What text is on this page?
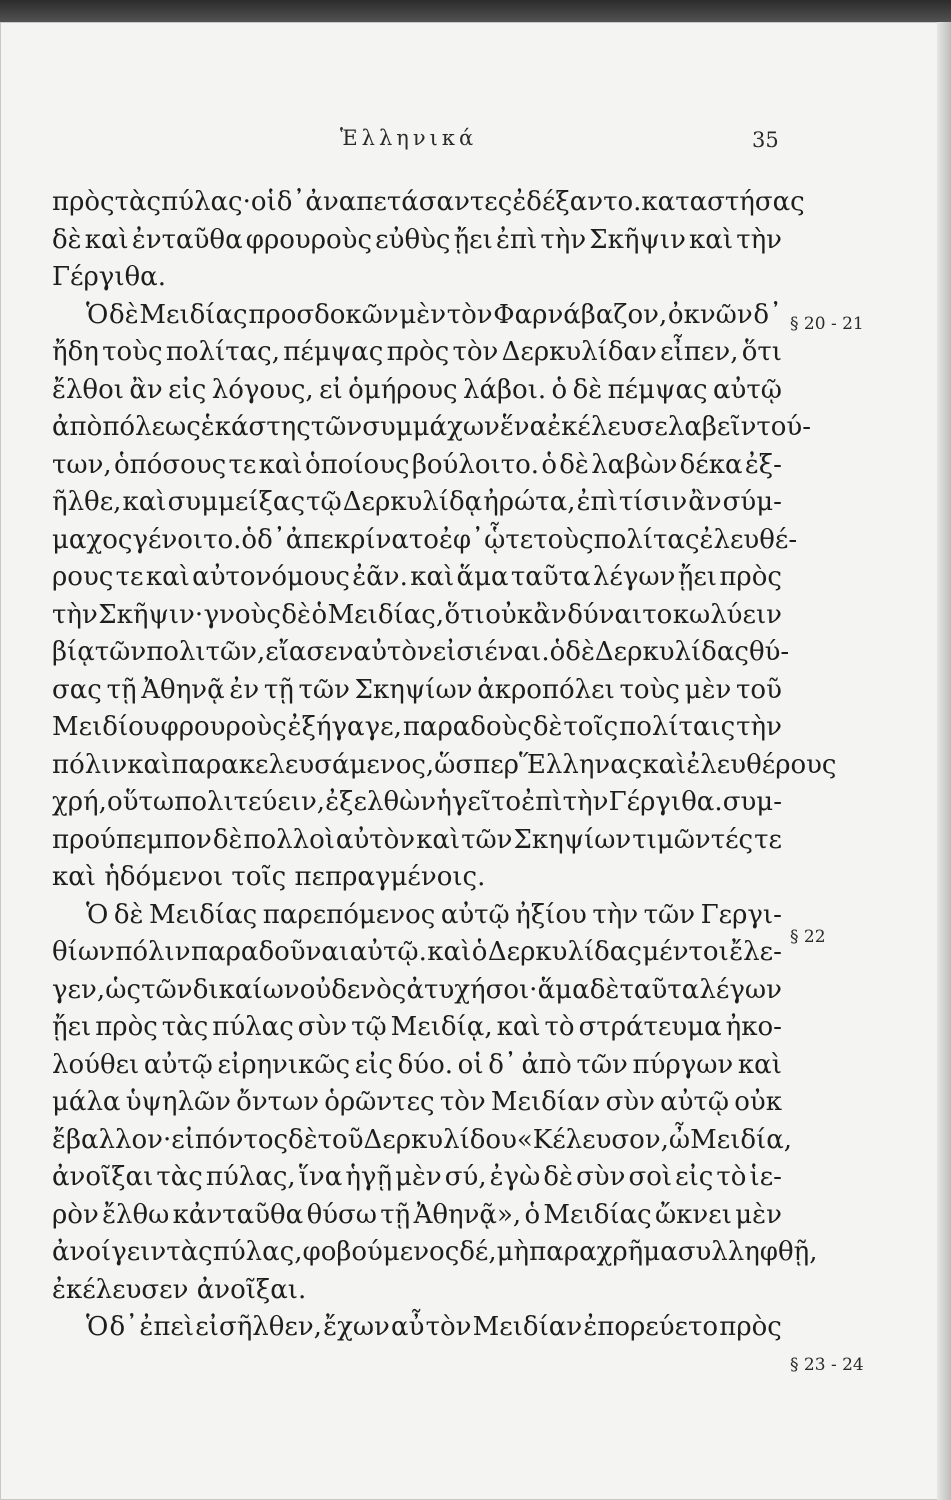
Ἑλληνικά	35
πρὸς τὰς πύλας· οἱ δ᾽ ἀναπετάσαντες ἐδέξαντο. καταστήσας
δὲ καὶ ἐνταῦθα φρουροὺς εὐθὺς ᾔει ἐπὶ τὴν Σκῆψιν καὶ τὴν
Γέργιθα.
Ὁ δὲ Μειδίας προσδοκῶν μὲν τὸν Φαρνάβαζον, ὀκνῶν δ᾽
ἤδη τοὺς πολίτας, πέμψας πρὸς τὸν Δερκυλίδαν εἶπεν, ὅτι
ἔλθοι ἂν εἰς λόγους, εἰ ὁμήρους λάβοι. ὁ δὲ πέμψας αὐτῷ
ἀπὸ πόλεως ἑκάστης τῶν συμμάχων ἕνα ἐκέλευσε λαβεῖν τού-
των, ὁπόσους τε καὶ ὁποίους βούλοιτο. ὁ δὲ λαβὼν δέκα ἐξ-
ῆλθε, καὶ συμμείξας τῷ Δερκυλίδᾳ ἠρώτα, ἐπὶ τίσιν ἂν σύμ-
μαχος γένοιτο. ὁ δ᾽ ἀπεκρίνατο ἐφ᾽ ᾧτε τοὺς πολίτας ἐλευθέ-
ρους τε καὶ αὐτονόμους ἐᾶν. καὶ ἅμα ταῦτα λέγων ᾔει πρὸς
τὴν Σκῆψιν· γνοὺς δὲ ὁ Μειδίας, ὅτι οὐκ ἂν δύναιτο κωλύειν
βίᾳ τῶν πολιτῶν, εἴασεν αὐτὸν εἰσιέναι. ὁ δὲ Δερκυλίδας θύ-
σας τῇ Ἀθηνᾷ ἐν τῇ τῶν Σκηψίων ἀκροπόλει τοὺς μὲν τοῦ
Μειδίου φρουροὺς ἐξήγαγε, παραδοὺς δὲ τοῖς πολίταις τὴν
πόλιν καὶ παρακελευσάμενος, ὥσπερ Ἕλληνας καὶ ἐλευθέρους
χρή, οὕτω πολιτεύειν, ἐξελθὼν ἡγεῖτο ἐπὶ τὴν Γέργιθα. συμ-
προύπεμπον δὲ πολλοὶ αὐτὸν καὶ τῶν Σκηψίων τιμῶντές τε
καὶ ἡδόμενοι τοῖς πεπραγμένοις.
Ὁ δὲ Μειδίας παρεπόμενος αὐτῷ ἠξίου τὴν τῶν Γεργι-
θίων πόλιν παραδοῦναι αὐτῷ. καὶ ὁ Δερκυλίδας μέντοι ἔλε-
γεν, ὡς τῶν δικαίων οὐδενὸς ἀτυχήσοι· ἅμα δὲ ταῦτα λέγων
ᾔει πρὸς τὰς πύλας σὺν τῷ Μειδίᾳ, καὶ τὸ στράτευμα ἠκο-
λούθει αὐτῷ εἰρηνικῶς εἰς δύο. οἱ δ᾽ ἀπὸ τῶν πύργων καὶ
μάλα ὑψηλῶν ὄντων ὁρῶντες τὸν Μειδίαν σὺν αὐτῷ οὐκ
ἔβαλλον· εἰπόντος δὲ τοῦ Δερκυλίδου «Κέλευσον, ὦ Μειδία,
ἀνοῖξαι τὰς πύλας, ἵνα ἡγῇ μὲν σύ, ἐγὼ δὲ σὺν σοὶ εἰς τὸ ἱε-
ρὸν ἔλθω κἀνταῦθα θύσω τῇ Ἀθηνᾷ», ὁ Μειδίας ὤκνει μὲν
ἀνοίγειν τὰς πύλας, φοβούμενος δέ, μὴ παραχρῆμα συλληφθῇ,
ἐκέλευσεν ἀνοῖξαι.
Ὁ δ᾽ ἐπεὶ εἰσῆλθεν, ἔχων αὖ τὸν Μειδίαν ἐπορεύετο πρὸς
§ 20 - 21
§ 22
§ 23 - 24
